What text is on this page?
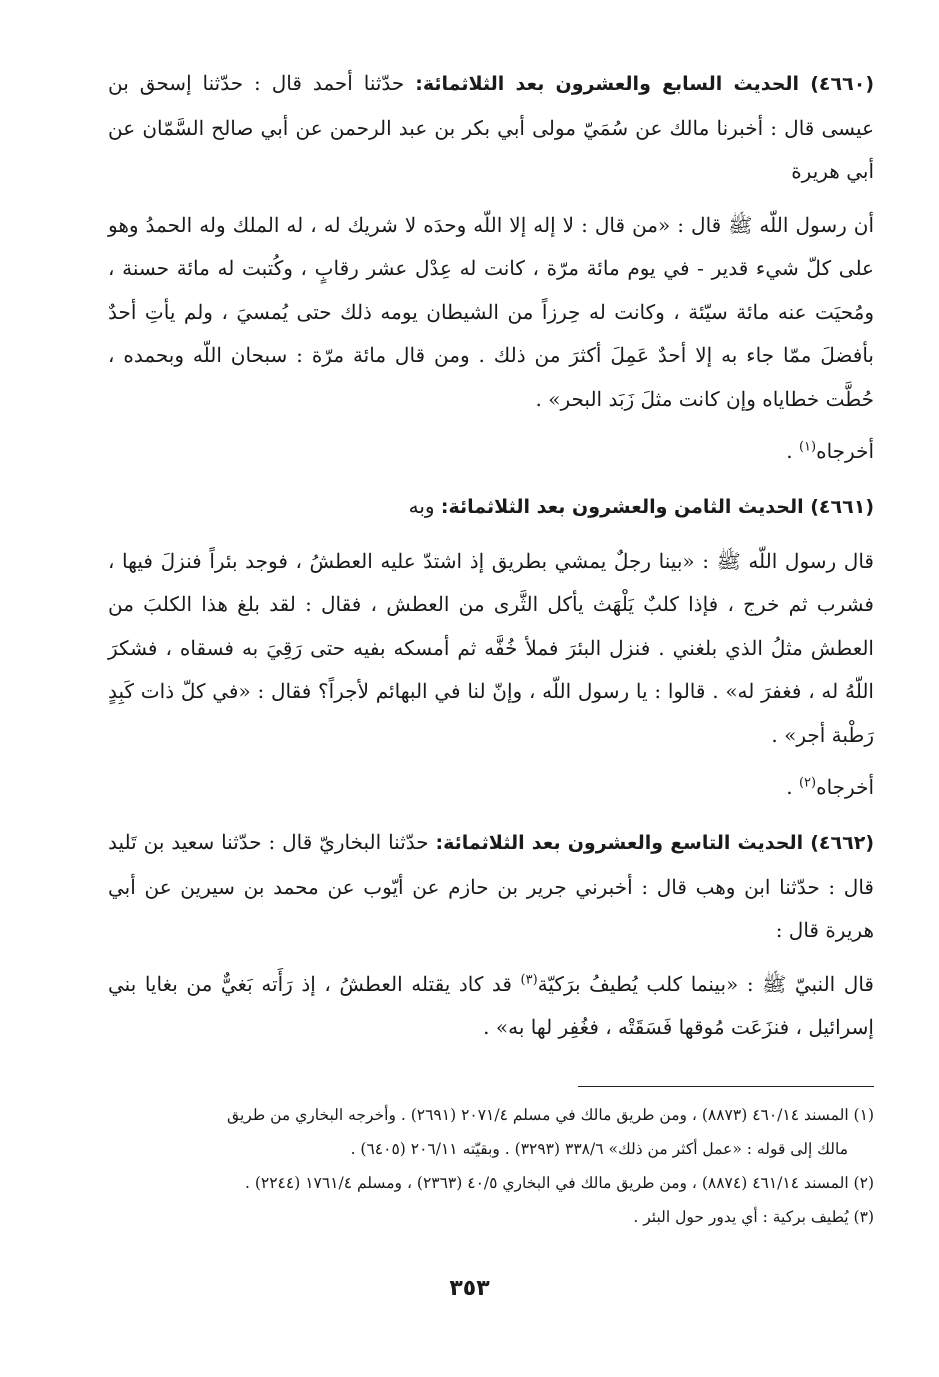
(٤٦٦٠) الحديث السابع والعشرون بعد الثلاثمائة: حدّثنا أحمد قال : حدّثنا إسحق بن عيسى قال : أخبرنا مالك عن سُمَيّ مولى أبي بكر بن عبد الرحمن عن أبي صالح السَّمّان عن أبي هريرة

أن رسول اللّه ﷺ قال : «من قال : لا إله إلا اللّه وحدَه لا شريك له ، له الملك وله الحمدُ وهو على كلّ شيء قدير - في يوم مائة مرّة ، كانت له عِدْل عشر رقابٍ ، وكُتبت له مائة حسنة ، ومُحيَت عنه مائة سيّئة ، وكانت له حِرزاً من الشيطان يومه ذلك حتى يُمسيَ ، ولم يأتِ أحدٌ بأفضلَ ممّا جاء به إلا أحدٌ عَمِلَ أكثرَ من ذلك . ومن قال مائة مرّة : سبحان اللّه وبحمده ، حُطَّت خطاياه وإن كانت مثلَ زَبَد البحر» .

أخرجاه$^{(١)}$ .

(٤٦٦١) الحديث الثامن والعشرون بعد الثلاثمائة: وبه

قال رسول اللّه ﷺ : «بينا رجلٌ يمشي بطريق إذ اشتدّ عليه العطشُ ، فوجد بئراً فنزلَ فيها ، فشرب ثم خرج ، فإذا كلبٌ يَلْهَث يأكل الثَّرى من العطش ، فقال : لقد بلغ هذا الكلبَ من العطش مثلُ الذي بلغني . فنزل البئرَ فملأ خُفَّه ثم أمسكه بفيه حتى رَقِيَ به فسقاه ، فشكرَ اللّهُ له ، فغفرَ له» . قالوا : يا رسول اللّه ، وإنّ لنا في البهائم لأجراً؟ فقال : «في كلّ ذات كَبِدٍ رَطْبة أجر» .

أخرجاه$^{(٢)}$ .

(٤٦٦٢) الحديث التاسع والعشرون بعد الثلاثمائة: حدّثنا البخاريّ قال : حدّثنا سعيد بن تَليد قال : حدّثنا ابن وهب قال : أخبرني جرير بن حازم عن أيّوب عن محمد بن سيرين عن أبي هريرة قال :

قال النبيّ ﷺ : «بينما كلب يُطيفُ برَكيّة$^{(٣)}$ قد كاد يقتله العطشُ ، إذ رَأَته بَغيٌّ من بغايا بني إسرائيل ، فنزَعَت مُوقها فَسَقَتْه ، فغُفِر لها به» .

(١) المسند ٤٦٠/١٤ (٨٨٧٣) ، ومن طريق مالك في مسلم ٢٠٧١/٤ (٢٦٩١) . وأخرجه البخاري من طريق

مالك إلى قوله : «عمل أكثر من ذلك» ٣٣٨/٦ (٣٢٩٣) . وبقيّته ٢٠٦/١١ (٦٤٠٥) .

(٢) المسند ٤٦١/١٤ (٨٨٧٤) ، ومن طريق مالك في البخاري ٤٠/٥ (٢٣٦٣) ، ومسلم ١٧٦١/٤ (٢٢٤٤) .

(٣) يُطيف بركية : أي يدور حول البئر .

٣٥٣
